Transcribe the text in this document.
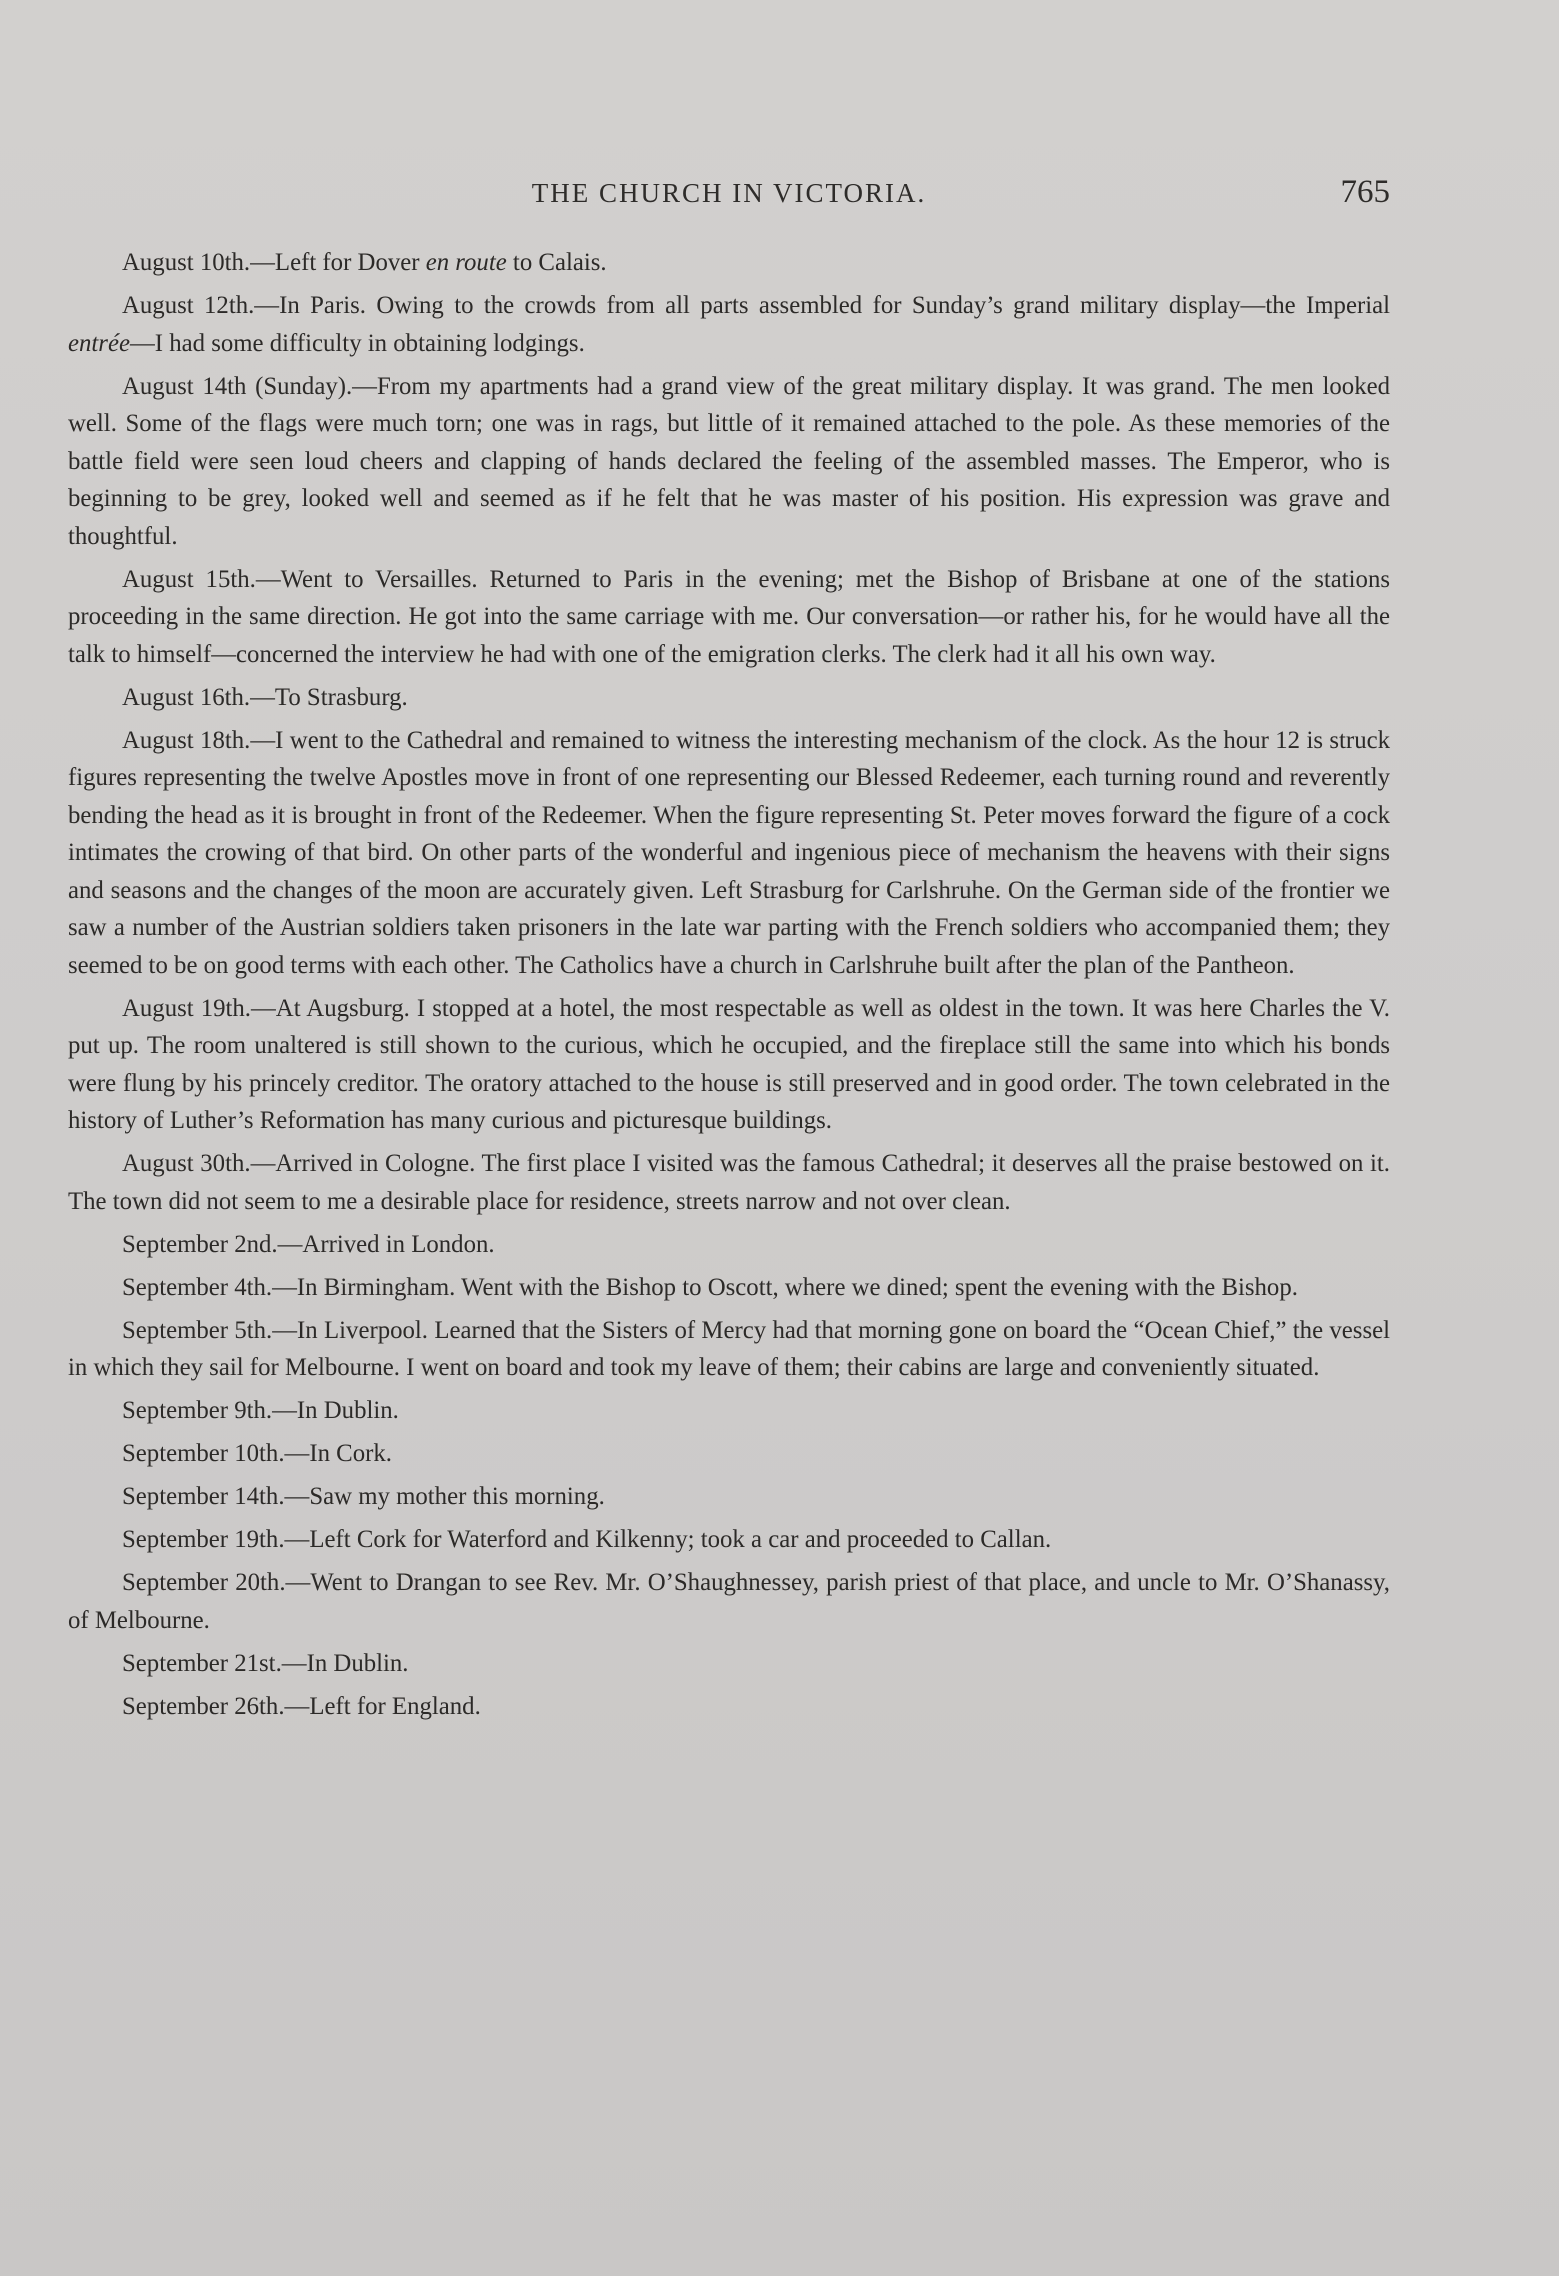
THE CHURCH IN VICTORIA.	765

August 10th.—Left for Dover en route to Calais.

August 12th.—In Paris. Owing to the crowds from all parts assembled for Sunday’s grand military display—the Imperial entrée—I had some difficulty in obtaining lodgings.

August 14th (Sunday).—From my apartments had a grand view of the great military display. It was grand. The men looked well. Some of the flags were much torn; one was in rags, but little of it remained attached to the pole. As these memories of the battle field were seen loud cheers and clapping of hands declared the feeling of the assembled masses. The Emperor, who is beginning to be grey, looked well and seemed as if he felt that he was master of his position. His expression was grave and thoughtful.

August 15th.—Went to Versailles. Returned to Paris in the evening; met the Bishop of Brisbane at one of the stations proceeding in the same direction. He got into the same carriage with me. Our conversation—or rather his, for he would have all the talk to himself—concerned the interview he had with one of the emigration clerks. The clerk had it all his own way.

August 16th.—To Strasburg.

August 18th.—I went to the Cathedral and remained to witness the interesting mechanism of the clock. As the hour 12 is struck figures representing the twelve Apostles move in front of one representing our Blessed Redeemer, each turning round and reverently bending the head as it is brought in front of the Redeemer. When the figure representing St. Peter moves forward the figure of a cock intimates the crowing of that bird. On other parts of the wonderful and ingenious piece of mechanism the heavens with their signs and seasons and the changes of the moon are accurately given. Left Strasburg for Carlshruhe. On the German side of the frontier we saw a number of the Austrian soldiers taken prisoners in the late war parting with the French soldiers who accompanied them; they seemed to be on good terms with each other. The Catholics have a church in Carlshruhe built after the plan of the Pantheon.

August 19th.—At Augsburg. I stopped at a hotel, the most respectable as well as oldest in the town. It was here Charles the V. put up. The room unaltered is still shown to the curious, which he occupied, and the fireplace still the same into which his bonds were flung by his princely creditor. The oratory attached to the house is still preserved and in good order. The town celebrated in the history of Luther’s Reformation has many curious and picturesque buildings.

August 30th.—Arrived in Cologne. The first place I visited was the famous Cathedral; it deserves all the praise bestowed on it. The town did not seem to me a desirable place for residence, streets narrow and not over clean.

September 2nd.—Arrived in London.

September 4th.—In Birmingham. Went with the Bishop to Oscott, where we dined; spent the evening with the Bishop.

September 5th.—In Liverpool. Learned that the Sisters of Mercy had that morning gone on board the “Ocean Chief,” the vessel in which they sail for Melbourne. I went on board and took my leave of them; their cabins are large and conveniently situated.

September 9th.—In Dublin.

September 10th.—In Cork.

September 14th.—Saw my mother this morning.

September 19th.—Left Cork for Waterford and Kilkenny; took a car and proceeded to Callan.

September 20th.—Went to Drangan to see Rev. Mr. O’Shaughnessey, parish priest of that place, and uncle to Mr. O’Shanassy, of Melbourne.

September 21st.—In Dublin.

September 26th.—Left for England.
